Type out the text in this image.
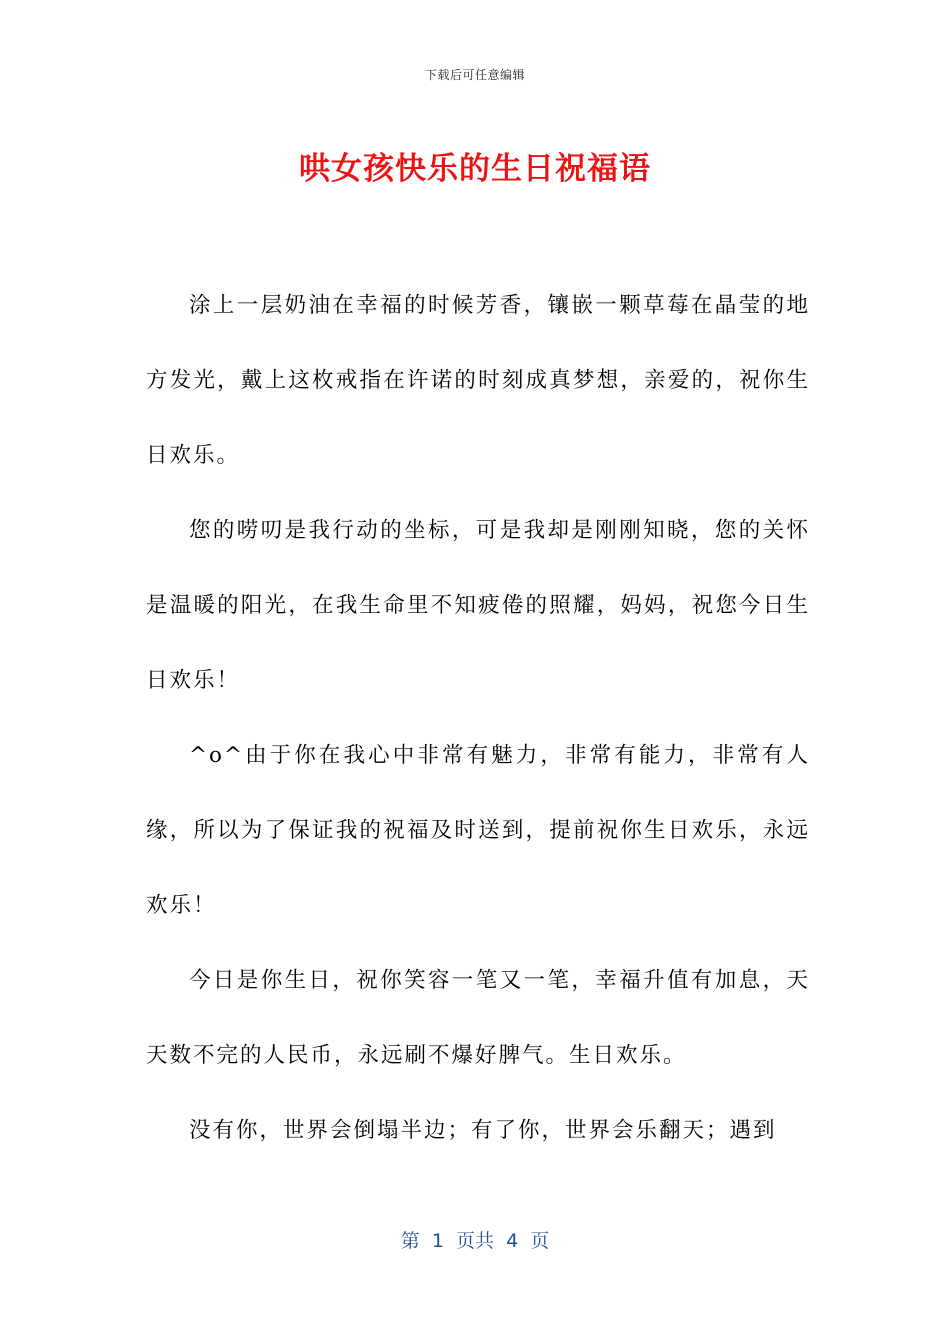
下载后可任意编辑
哄女孩快乐的生日祝福语

涂上一层奶油在幸福的时候芳香，镶嵌一颗草莓在晶莹的地方发光，戴上这枚戒指在许诺的时刻成真梦想，亲爱的，祝你生日欢乐。

您的唠叨是我行动的坐标，可是我却是刚刚知晓，您的关怀是温暖的阳光，在我生命里不知疲倦的照耀，妈妈，祝您今日生日欢乐！

^o^由于你在我心中非常有魅力，非常有能力，非常有人缘，所以为了保证我的祝福及时送到，提前祝你生日欢乐，永远欢乐！

今日是你生日，祝你笑容一笔又一笔，幸福升值有加息，天天数不完的人民币，永远刷不爆好脾气。生日欢乐。

没有你，世界会倒塌半边；有了你，世界会乐翻天；遇到

第  1  页共  4  页
